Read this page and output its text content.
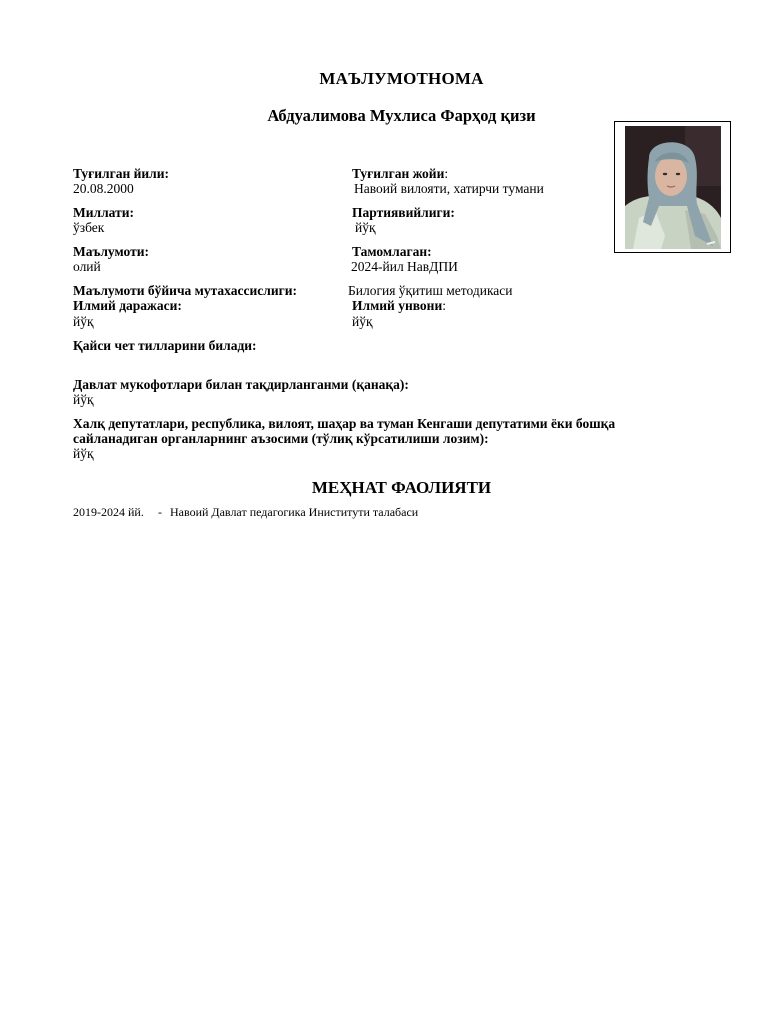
МАЪЛУМОТНОМА
Абдуалимова Мухлиса Фарҳод қизи
Туғилган йили:
20.08.2000
Туғилган жойи:
Навоий вилояти, хатирчи тумани
Миллати:
ўзбек
Партиявийлиги:
йўқ
Маълумоти:
олий
Тамомлаган:
2024-йил НавДПИ
Маълумоти бўйича мутахассислиги:	Билогия ўқитиш методикаси
Илмий даражаси:
йўқ
Илмий унвони:
йўқ
Қайси чет тилларини билади:
Давлат мукофотлари билан тақдирланганми (қанақа):
йўқ
Халқ депутатлари, республика, вилоят, шаҳар ва туман Кенгаши депутатими ёки бошқа
сайланадиган органларнинг аъзосими (тўлиқ кўрсатилиши лозим):
йўқ
МЕҲНАТ ФАОЛИЯТИ
2019-2024 йй. - Навоий Давлат педагогика Иниститути талабаси
